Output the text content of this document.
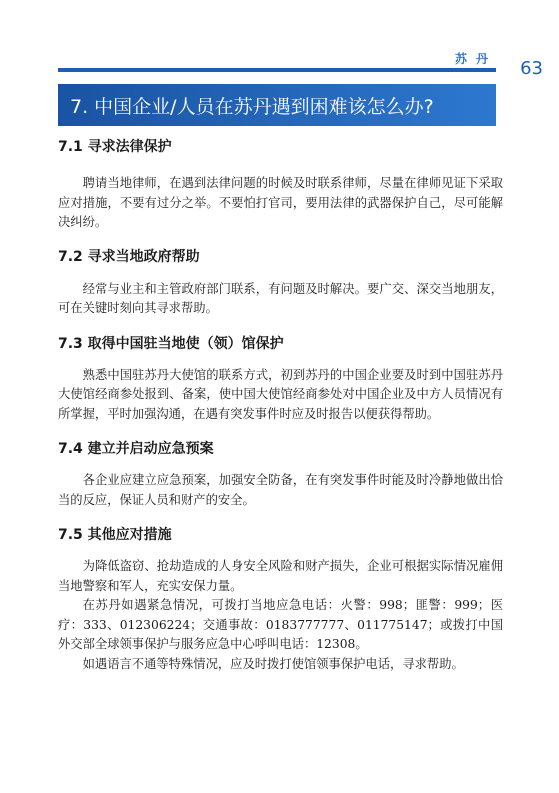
苏丹 63
7. 中国企业/人员在苏丹遇到困难该怎么办?
7.1 寻求法律保护

聘请当地律师，在遇到法律问题的时候及时联系律师，尽量在律师见证下采取应对措施，不要有过分之举。不要怕打官司，要用法律的武器保护自己，尽可能解决纠纷。

7.2 寻求当地政府帮助

经常与业主和主管政府部门联系，有问题及时解决。要广交、深交当地朋友，可在关键时刻向其寻求帮助。

7.3 取得中国驻当地使（领）馆保护

熟悉中国驻苏丹大使馆的联系方式，初到苏丹的中国企业要及时到中国驻苏丹大使馆经商参处报到、备案，使中国大使馆经商参处对中国企业及中方人员情况有所掌握，平时加强沟通，在遇有突发事件时应及时报告以便获得帮助。

7.4 建立并启动应急预案

各企业应建立应急预案，加强安全防备，在有突发事件时能及时冷静地做出恰当的反应，保证人员和财产的安全。

7.5 其他应对措施

为降低盗窃、抢劫造成的人身安全风险和财产损失，企业可根据实际情况雇佣当地警察和军人，充实安保力量。

在苏丹如遇紧急情况，可拨打当地应急电话：火警：998；匪警：999；医疗：333、012306224；交通事故：0183777777、011775147；或拨打中国外交部全球领事保护与服务应急中心呼叫电话：12308。

如遇语言不通等特殊情况，应及时拨打使馆领事保护电话，寻求帮助。
